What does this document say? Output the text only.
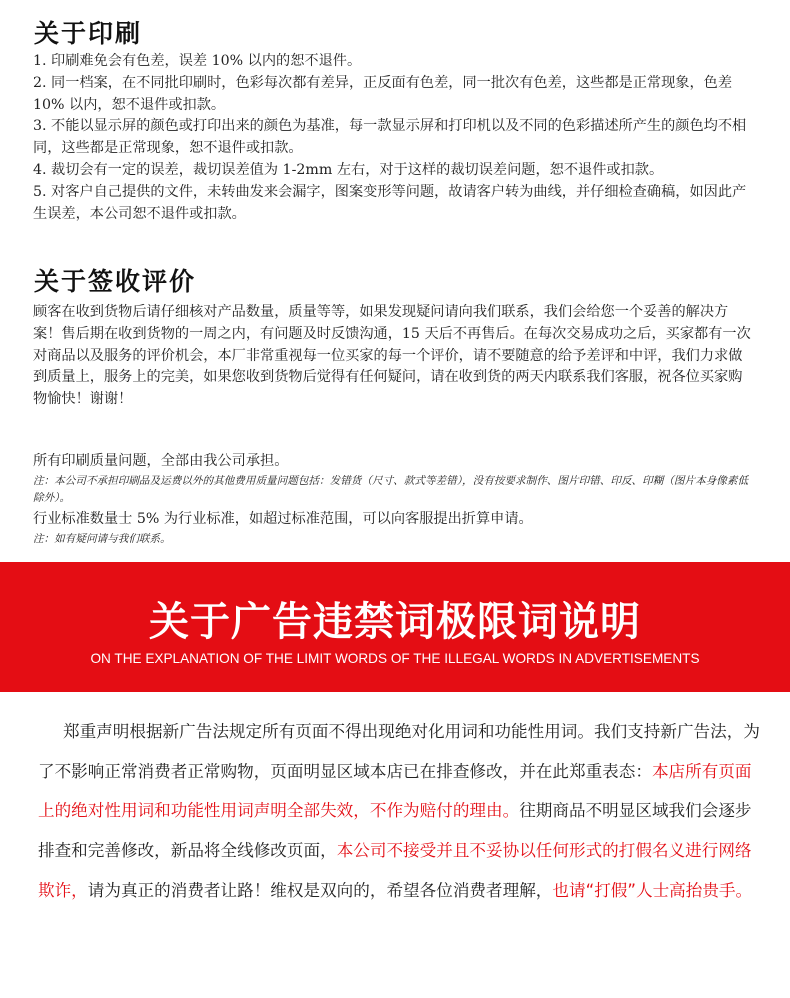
关于印刷

1. 印刷难免会有色差，误差 10% 以内的恕不退件。

2. 同一档案，在不同批印刷时，色彩每次都有差异，正反面有色差，同一批次有色差，这些都是正常现象，色差 10% 以内，恕不退件或扣款。

3. 不能以显示屏的颜色或打印出来的颜色为基准，每一款显示屏和打印机以及不同的色彩描述所产生的颜色均不相同，这些都是正常现象，恕不退件或扣款。

4. 裁切会有一定的误差，裁切误差值为 1-2mm 左右，对于这样的裁切误差问题，恕不退件或扣款。

5. 对客户自己提供的文件，未转曲发来会漏字，图案变形等问题，故请客户转为曲线，并仔细检查确稿，如因此产生误差，本公司恕不退件或扣款。

关于签收评价

顾客在收到货物后请仔细核对产品数量，质量等等，如果发现疑问请向我们联系，我们会给您一个妥善的解决方案！售后期在收到货物的一周之内，有问题及时反馈沟通，15 天后不再售后。在每次交易成功之后，买家都有一次对商品以及服务的评价机会，本厂非常重视每一位买家的每一个评价，请不要随意的给予差评和中评，我们力求做到质量上，服务上的完美，如果您收到货物后觉得有任何疑问，请在收到货的两天内联系我们客服，祝各位买家购物愉快！谢谢！

所有印刷质量问题，全部由我公司承担。

注：本公司不承担印刷品及运费以外的其他费用质量问题包括：发错货（尺寸、款式等差错），没有按要求制作、图片印错、印反、印糊（图片本身像素低除外）。

行业标准数量士 5% 为行业标准，如超过标准范围，可以向客服提出折算申请。

注：如有疑问请与我们联系。

关于广告违禁词极限词说明
ON THE EXPLANATION OF THE LIMIT WORDS OF THE ILLEGAL WORDS IN ADVERTISEMENTS
郑重声明根据新广告法规定所有页面不得出现绝对化用词和功能性用词。我们支持新广告法，为了不影响正常消费者正常购物，页面明显区域本店已在排查修改，并在此郑重表态：本店所有页面上的绝对性用词和功能性用词声明全部失效，不作为赔付的理由。往期商品不明显区域我们会逐步排查和完善修改，新品将全线修改页面，本公司不接受并且不妥协以任何形式的打假名义进行网络欺诈，请为真正的消费者让路！维权是双向的，希望各位消费者理解，也请“打假”人士高抬贵手。
